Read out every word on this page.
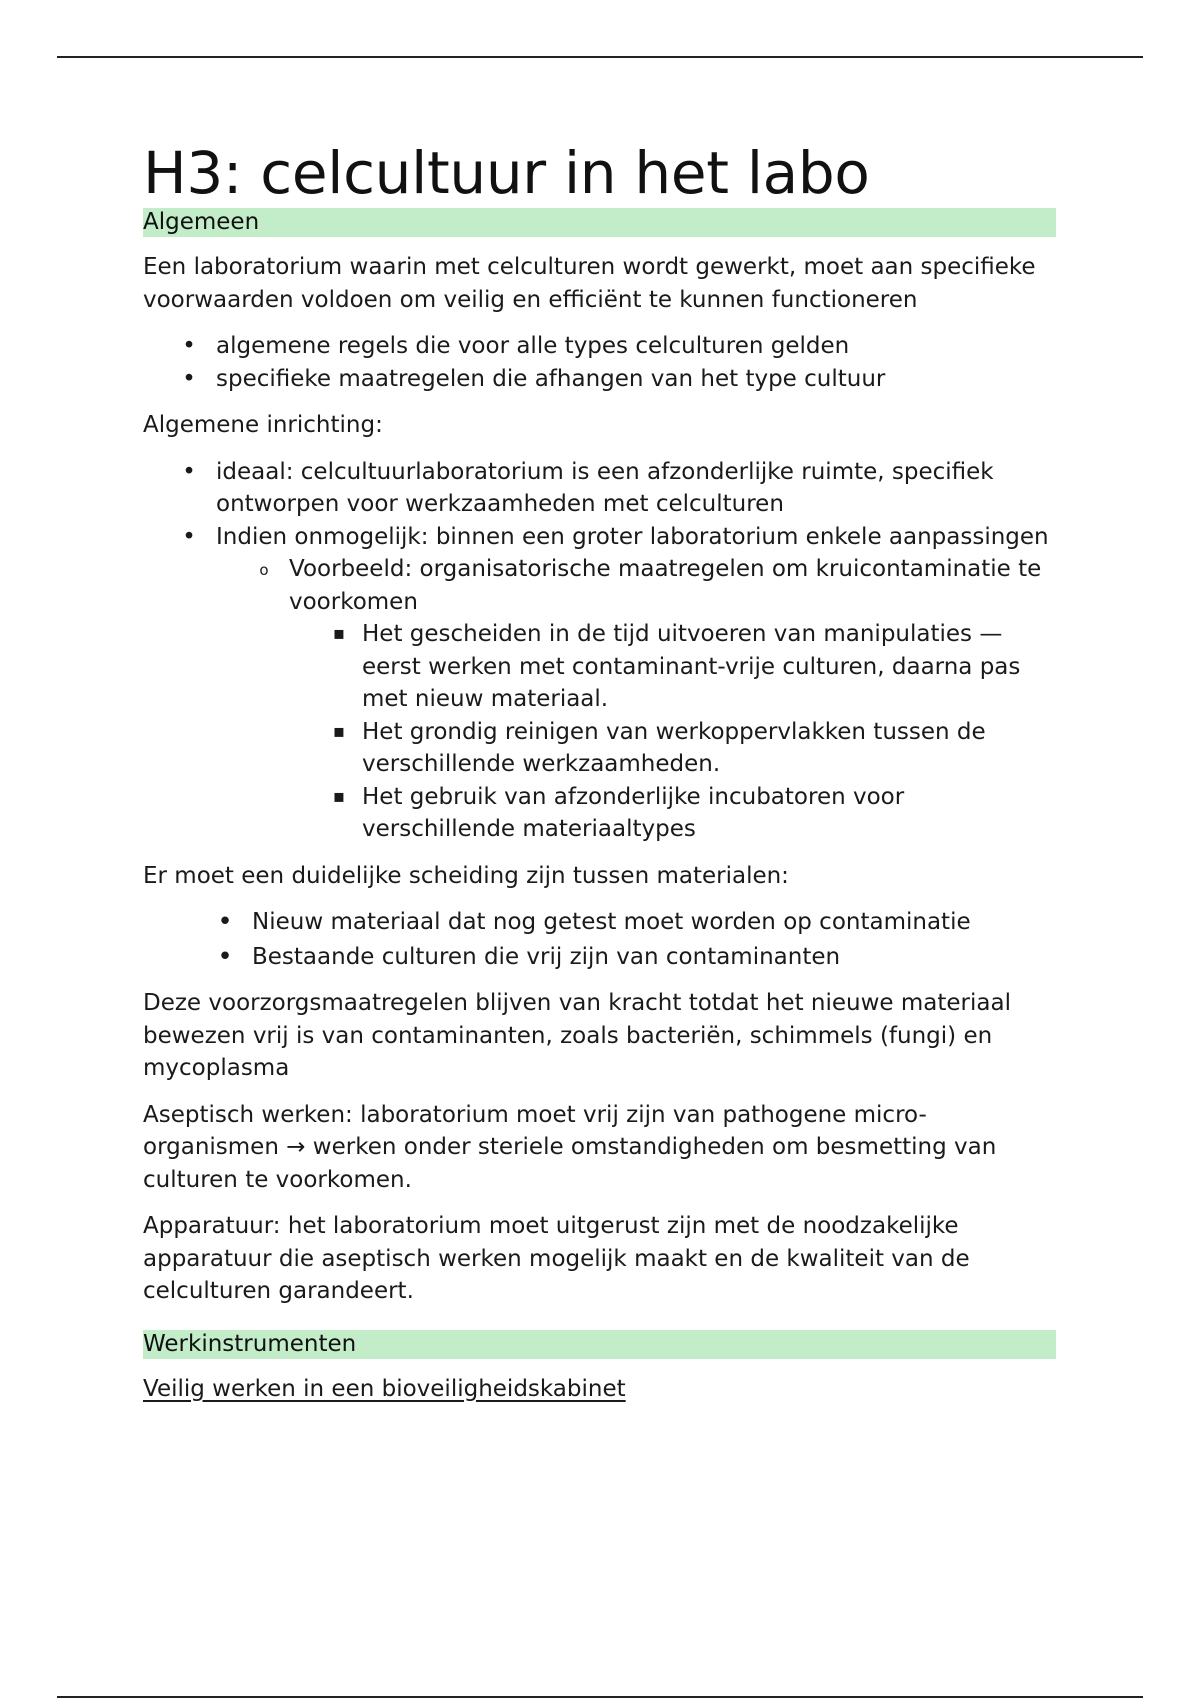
H3: celcultuur in het labo
Algemeen

Een laboratorium waarin met celculturen wordt gewerkt, moet aan specifieke voorwaarden voldoen om veilig en efficiënt te kunnen functioneren

• algemene regels die voor alle types celculturen gelden
• specifieke maatregelen die afhangen van het type cultuur

Algemene inrichting:

• ideaal: celcultuurlaboratorium is een afzonderlijke ruimte, specifiek ontworpen voor werkzaamheden met celculturen
• Indien onmogelijk: binnen een groter laboratorium enkele aanpassingen
o Voorbeeld: organisatorische maatregelen om kruicontaminatie te voorkomen
▪ Het gescheiden in de tijd uitvoeren van manipulaties — eerst werken met contaminant-vrije culturen, daarna pas met nieuw materiaal.
▪ Het grondig reinigen van werkoppervlakken tussen de verschillende werkzaamheden.
▪ Het gebruik van afzonderlijke incubatoren voor verschillende materiaaltypes

Er moet een duidelijke scheiding zijn tussen materialen:

• Nieuw materiaal dat nog getest moet worden op contaminatie
• Bestaande culturen die vrij zijn van contaminanten

Deze voorzorgsmaatregelen blijven van kracht totdat het nieuwe materiaal bewezen vrij is van contaminanten, zoals bacteriën, schimmels (fungi) en mycoplasma

Aseptisch werken: laboratorium moet vrij zijn van pathogene micro-organismen → werken onder steriele omstandigheden om besmetting van culturen te voorkomen.

Apparatuur: het laboratorium moet uitgerust zijn met de noodzakelijke apparatuur die aseptisch werken mogelijk maakt en de kwaliteit van de celculturen garandeert.

Werkinstrumenten

Veilig werken in een bioveiligheidskabinet
